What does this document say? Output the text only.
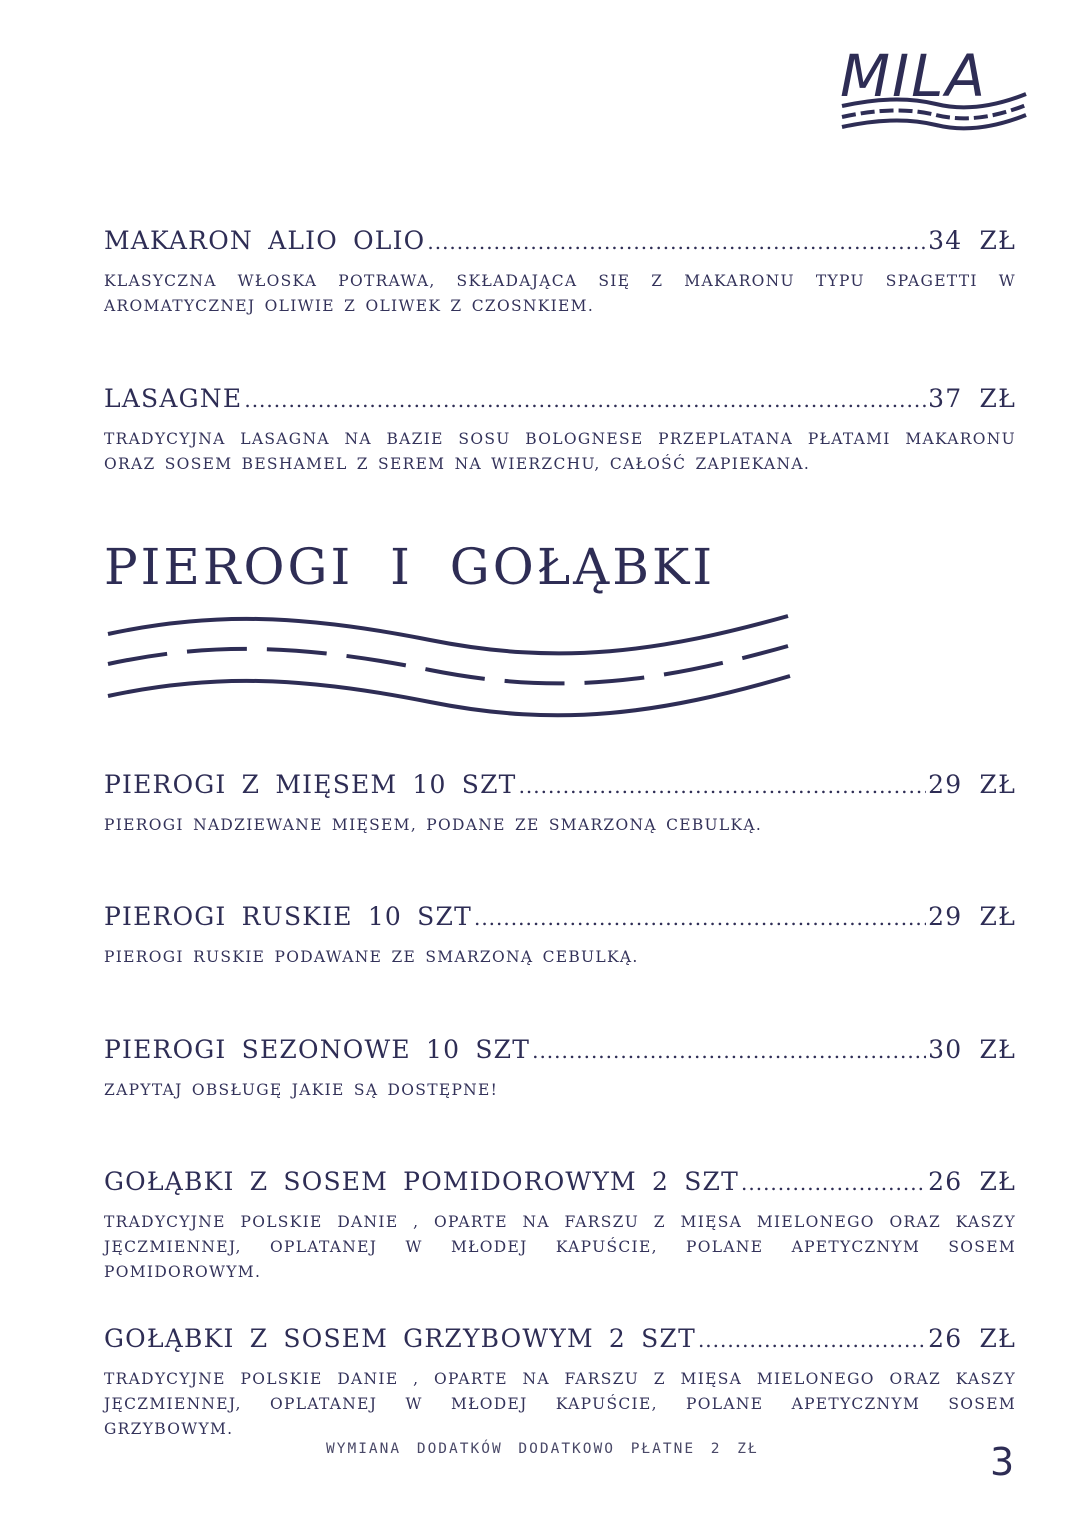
MILA
MAKARON ALIO OLIO .....	34 ZŁ
KLASYCZNA WŁOSKA POTRAWA, SKŁADAJĄCA SIĘ Z MAKARONU TYPU SPAGETTI W AROMATYCZNEJ OLIWIE Z OLIWEK Z CZOSNKIEM.
LASAGNE .....	37 ZŁ
TRADYCYJNA LASAGNA NA BAZIE SOSU BOLOGNESE PRZEPLATANA PŁATAMI MAKARONU ORAZ SOSEM BESHAMEL Z SEREM NA WIERZCHU, CAŁOŚĆ ZAPIEKANA.
PIEROGI I GOŁĄBKI
PIEROGI Z MIĘSEM 10 SZT .....	29 ZŁ
PIEROGI NADZIEWANE MIĘSEM, PODANE ZE SMARZONĄ CEBULKĄ.
PIEROGI RUSKIE 10 SZT .....	29 ZŁ
PIEROGI RUSKIE PODAWANE ZE SMARZONĄ CEBULKĄ.
PIEROGI SEZONOWE 10 SZT .....	30 ZŁ
ZAPYTAJ OBSŁUGĘ JAKIE SĄ DOSTĘPNE!
GOŁĄBKI Z SOSEM POMIDOROWYM 2 SZT .....	26 ZŁ
TRADYCYJNE POLSKIE DANIE , OPARTE NA FARSZU Z MIĘSA MIELONEGO ORAZ KASZY JĘCZMIENNEJ, OPLATANEJ W MŁODEJ KAPUŚCIE, POLANE APETYCZNYM SOSEM POMIDOROWYM.
GOŁĄBKI Z SOSEM GRZYBOWYM 2 SZT .....	26 ZŁ
TRADYCYJNE POLSKIE DANIE , OPARTE NA FARSZU Z MIĘSA MIELONEGO ORAZ KASZY JĘCZMIENNEJ, OPLATANEJ W MŁODEJ KAPUŚCIE, POLANE APETYCZNYM SOSEM GRZYBOWYM.
WYMIANA DODATKÓW DODATKOWO PŁATNE 2 ZŁ	3
